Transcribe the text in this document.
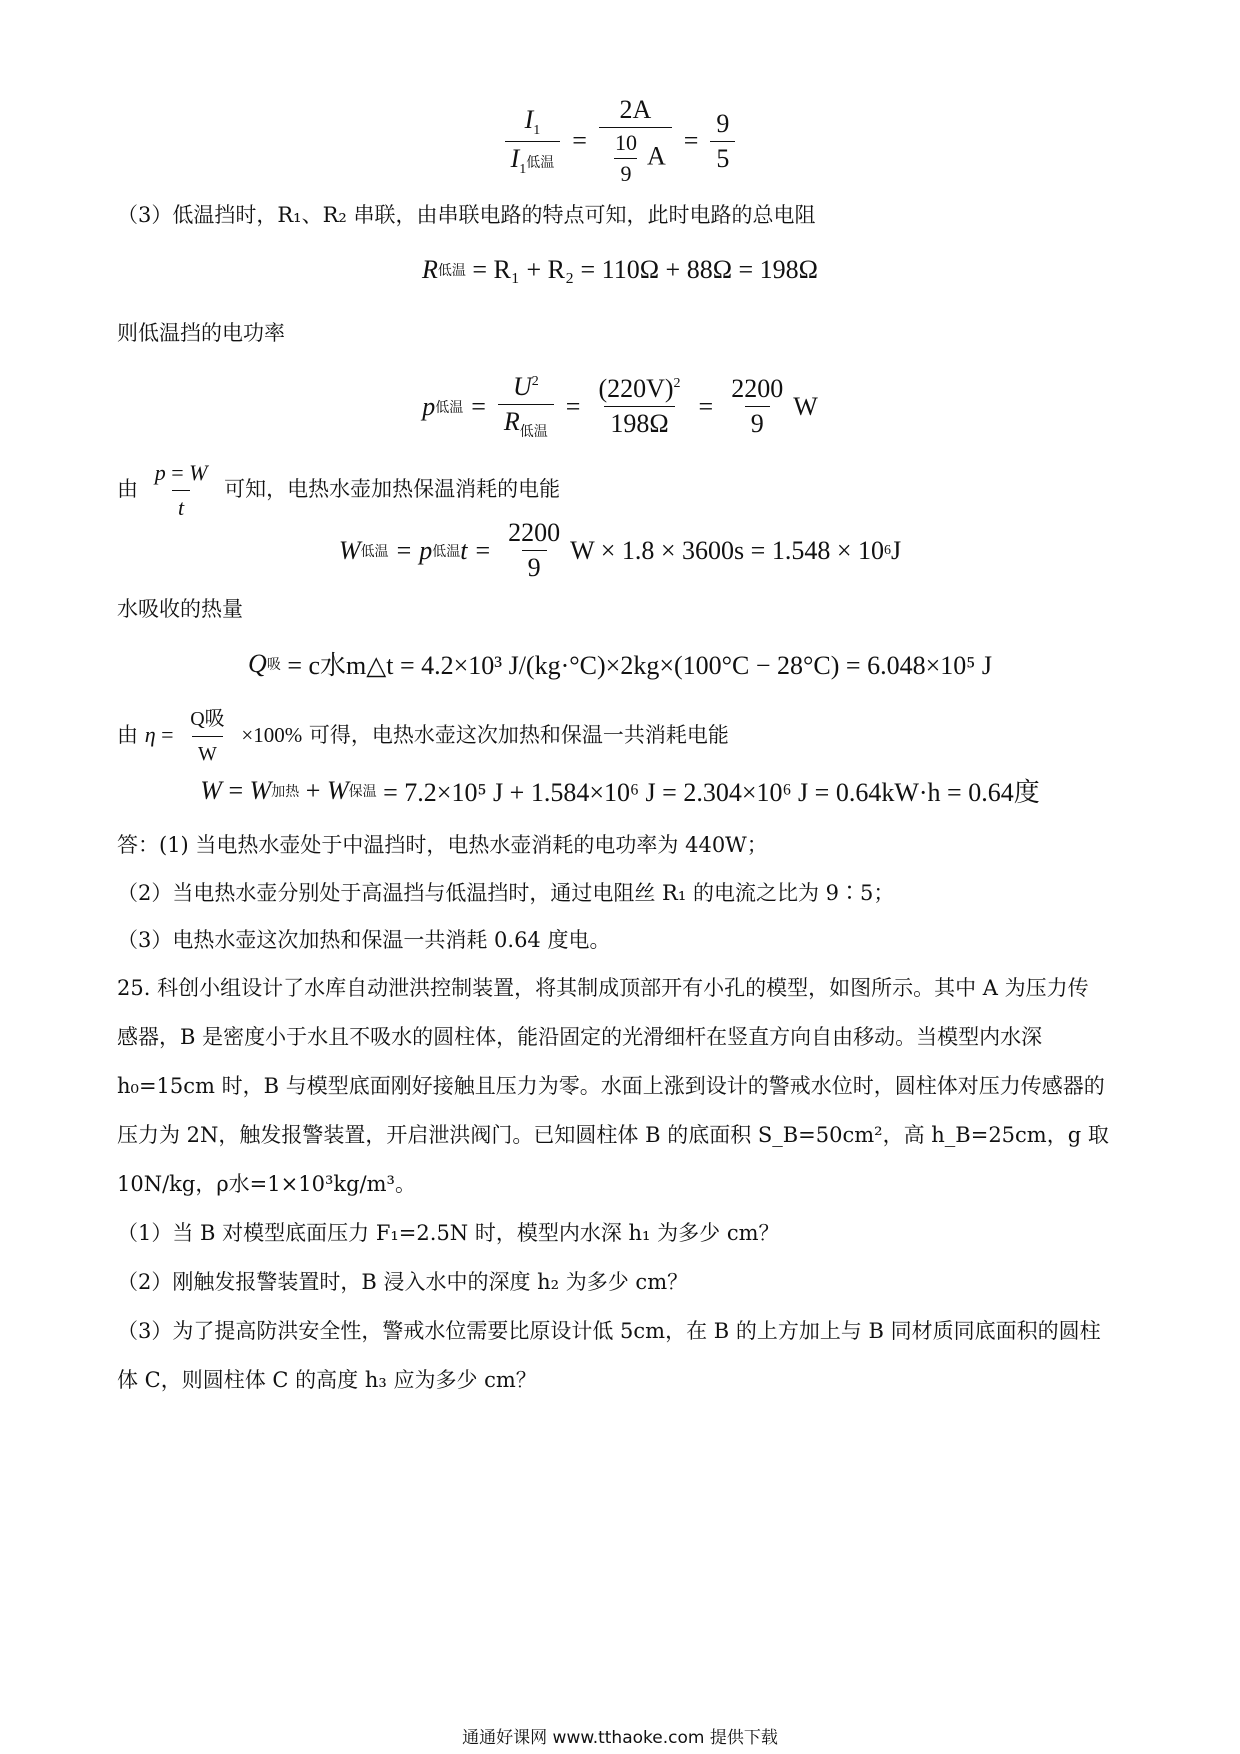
$\frac{I_1}{I_1低温} = \frac{2A}{\frac{10}{9} A} = \frac{9}{5}$
（3）低温挡时，R₁、R₂ 串联，由串联电路的特点可知，此时电路的总电阻
R 低温
= R₁ + R₂ = 110Ω + 88Ω = 198Ω
则低温挡的电功率
p 低温 = $\frac{U^2}{R_{低温}} = \frac{(220V)^2}{198\Omega} = \frac{2200}{9}$ W
由 $\frac{p = W}{t}$ 可知，电热水壶加热保温消耗的电能
W 低温 = p 低温 $t = \frac{2200}{9}$ W × 1.8 × 3600s = 1.548 × 10 6 J
水吸收的热量
Q 吸
= c水m△t = 4.2×10³ J/(kg·°C)×2kg×(100°C − 28°C) = 6.048×10⁵ J
由 $\eta = \frac{\text{Q吸}}{W} \times 100\%$ 可得，电热水壶这次加热和保温一共消耗电能
W = W 加热 + W 保温
= 7.2×10⁵ J + 1.584×10⁶ J = 2.304×10⁶ J = 0.64kW·h = 0.64度
答：(1) 当电热水壶处于中温挡时，电热水壶消耗的电功率为 440W；
（2）当电热水壶分别处于高温挡与低温挡时，通过电阻丝 R₁ 的电流之比为 9∶5；
（3）电热水壶这次加热和保温一共消耗 0.64 度电。
25. 科创小组设计了水库自动泄洪控制装置，将其制成顶部开有小孔的模型，如图所示。其中 A 为压力传
感器，B 是密度小于水且不吸水的圆柱体，能沿固定的光滑细杆在竖直方向自由移动。当模型内水深
h₀=15cm 时，B 与模型底面刚好接触且压力为零。水面上涨到设计的警戒水位时，圆柱体对压力传感器的
压力为 2N，触发报警装置，开启泄洪阀门。已知圆柱体 B 的底面积 S_B=50cm²，高 h_B=25cm，g 取
10N/kg，ρ水=1×10³kg/m³。
（1）当 B 对模型底面压力 F₁=2.5N 时，模型内水深 h₁ 为多少 cm？
（2）刚触发报警装置时，B 浸入水中的深度 h₂ 为多少 cm？
（3）为了提高防洪安全性，警戒水位需要比原设计低 5cm，在 B 的上方加上与 B 同材质同底面积的圆柱
体 C，则圆柱体 C 的高度 h₃ 应为多少 cm？
通通好课网 www.tthaoke.com 提供下载
